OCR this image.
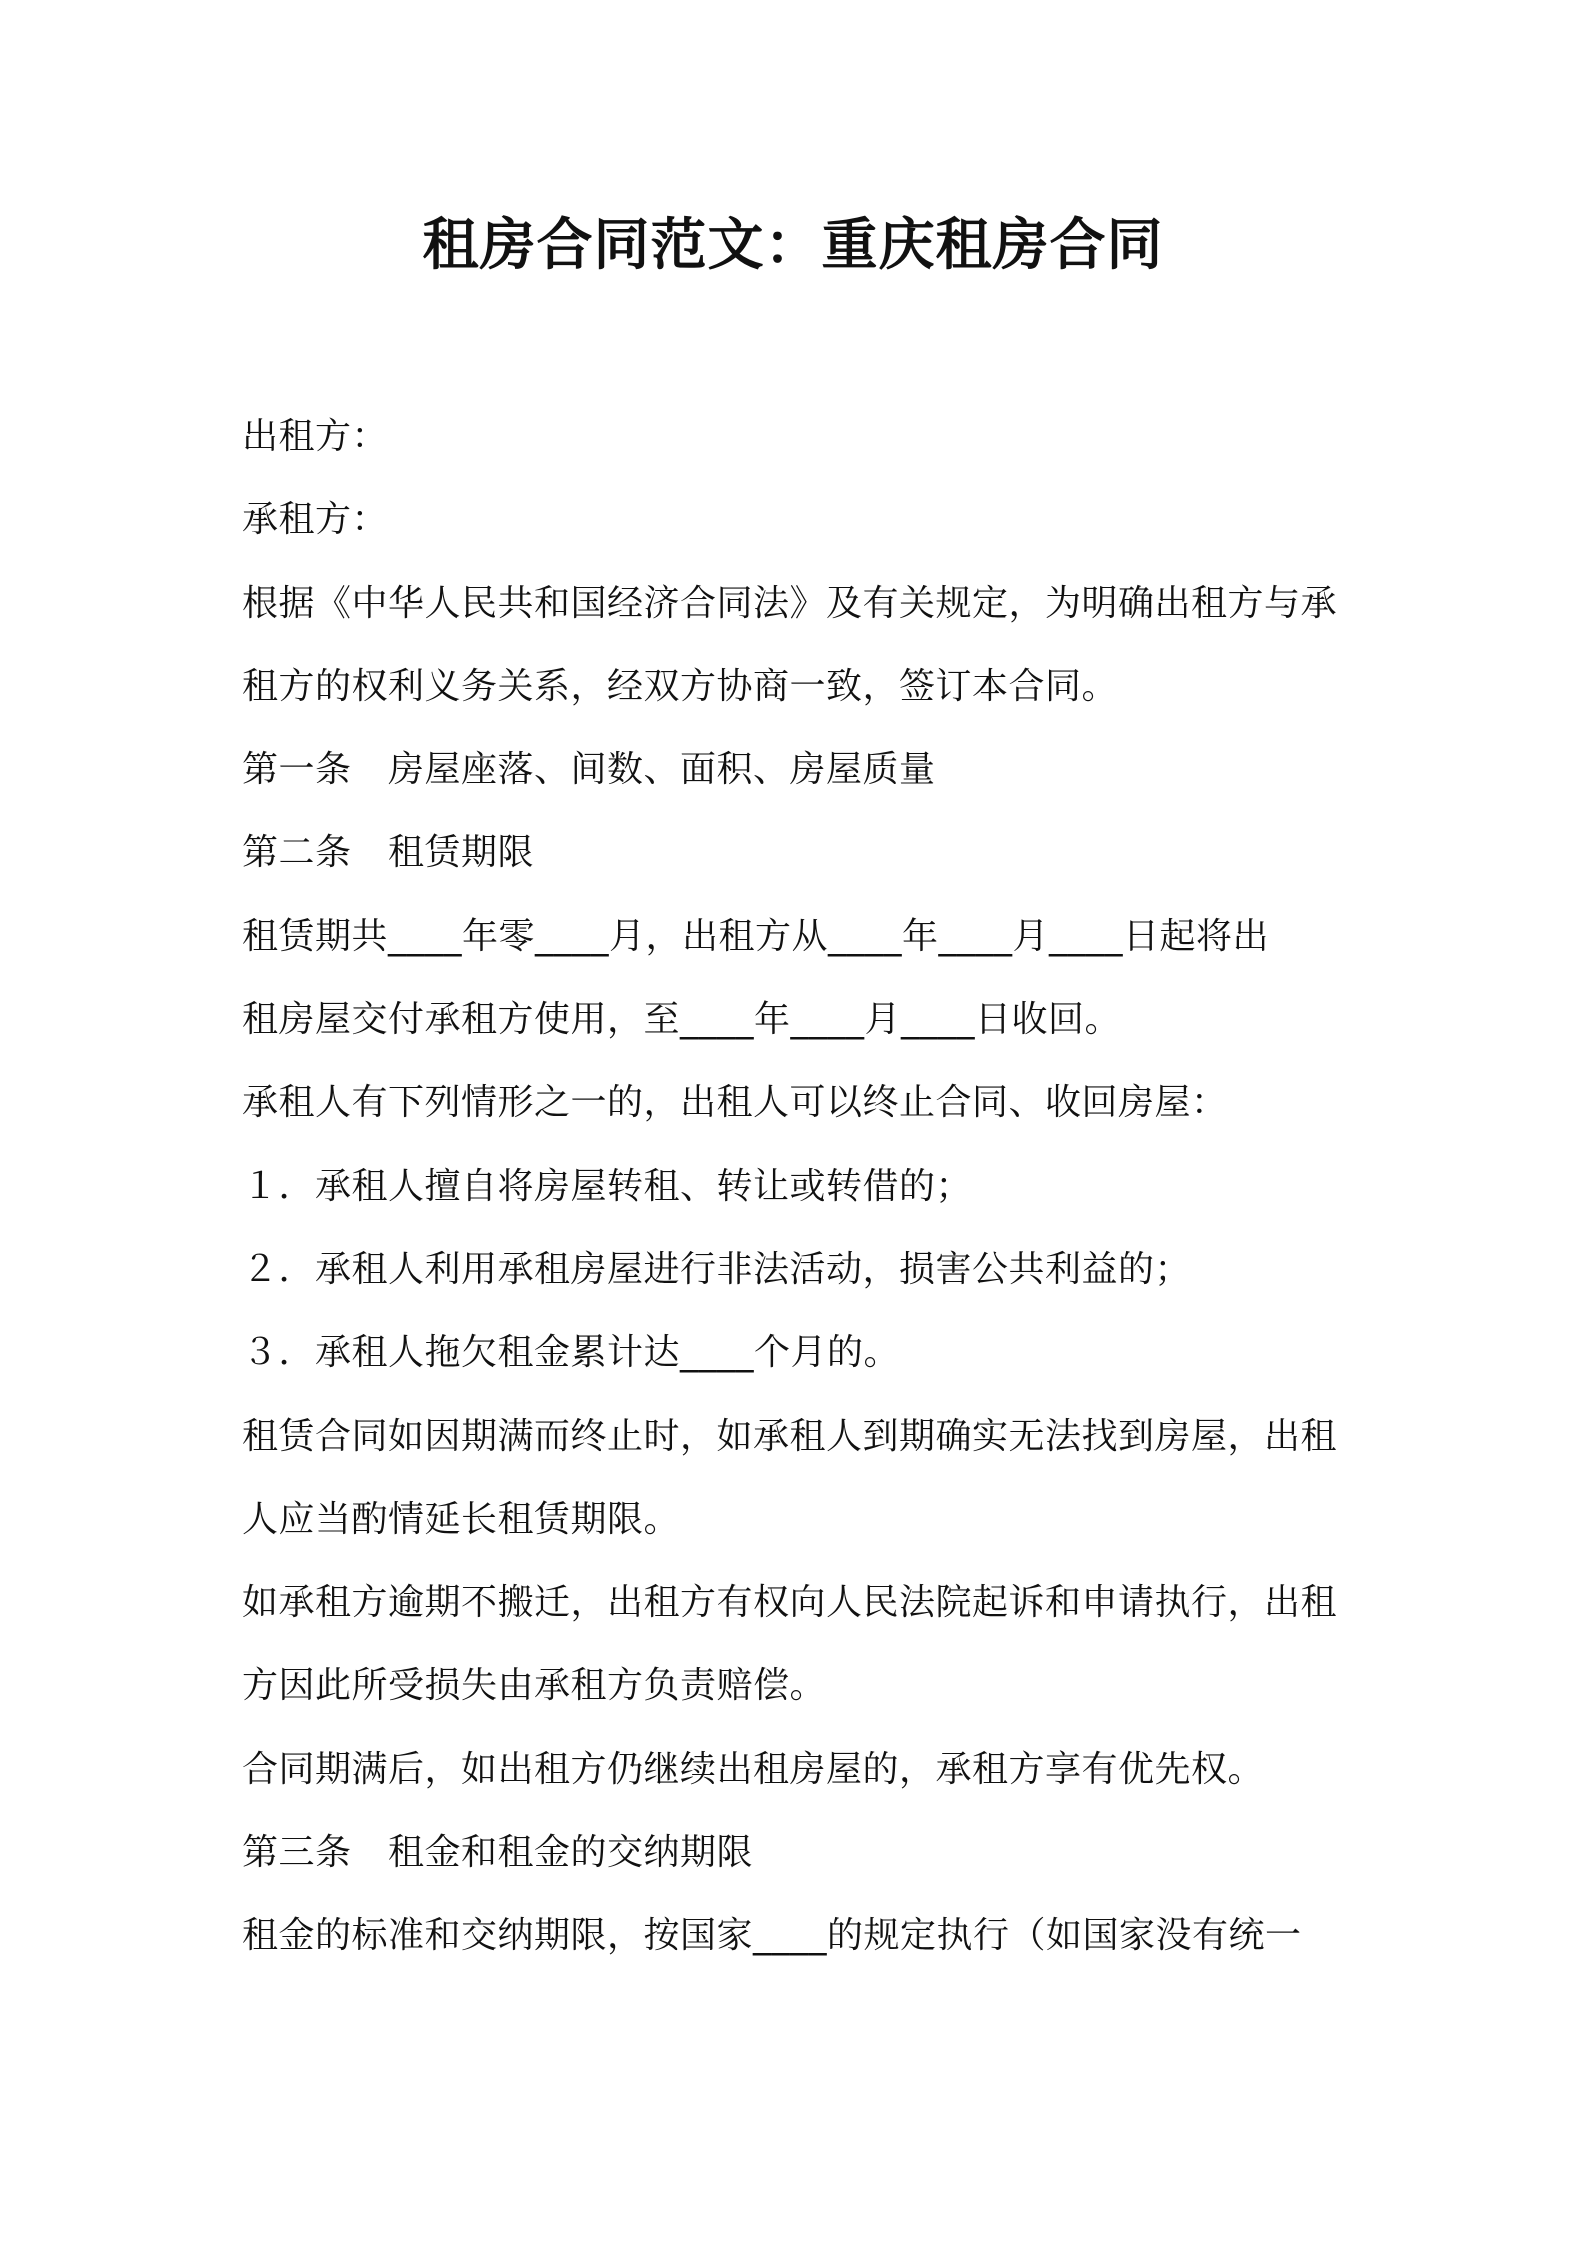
租房合同范文：重庆租房合同
出租方：
承租方：
根据《中华人民共和国经济合同法》及有关规定，为明确出租方与承
租方的权利义务关系，经双方协商一致，签订本合同。
第一条　房屋座落、间数、面积、房屋质量
第二条　租赁期限
租赁期共____年零____月，出租方从____年____月____日起将出
租房屋交付承租方使用，至____年____月____日收回。
承租人有下列情形之一的，出租人可以终止合同、收回房屋：
１．承租人擅自将房屋转租、转让或转借的；
２．承租人利用承租房屋进行非法活动，损害公共利益的；
３．承租人拖欠租金累计达____个月的。
租赁合同如因期满而终止时，如承租人到期确实无法找到房屋，出租
人应当酌情延长租赁期限。
如承租方逾期不搬迁，出租方有权向人民法院起诉和申请执行，出租
方因此所受损失由承租方负责赔偿。
合同期满后，如出租方仍继续出租房屋的，承租方享有优先权。
第三条　租金和租金的交纳期限
租金的标准和交纳期限，按国家____的规定执行（如国家没有统一
